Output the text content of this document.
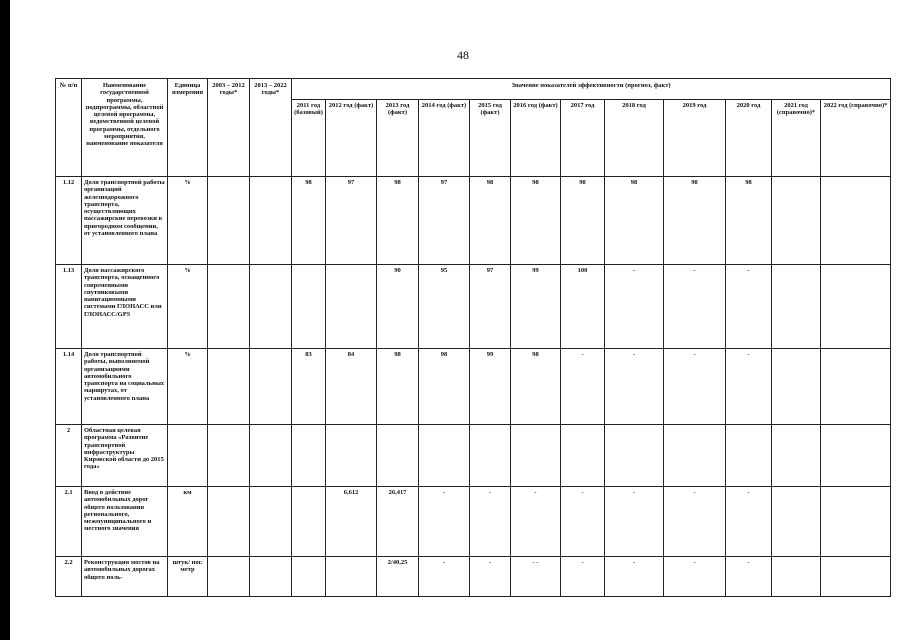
48
№ п/п	Наименование государственной программы, подпрограммы, областной целевой программы, ведомственной целевой программы, отдельного мероприятия, наименование показателя	Единица измерения	2003 – 2012 годы*	2013 – 2022 годы*	Значение показателей эффективности (прогноз, факт)											
					2011 год (базовый)	2012 год (факт)	2013 год (факт)	2014 год (факт)	2015 год (факт)	2016 год (факт)	2017 год	2018 год	2019 год	2020 год	2021 год (справочно)*	2022 год (справочно)*
1.12	Доля транспортной работы организаций железнодорожного транспорта, осуществляющих пассажирские перевозки в пригородном сообщении, от установленного плана	%			98	97	98	97	98	98	98	98	98	98		
1.13	Доля пассажирского транспорта, оснащенного современными спутниковыми навигационными системами ГЛОНАСС или ГЛОНАСС/GPS	%					90	95	97	99	100	-	-	-		
1.14	Доля транспортной работы, выполняемой организациями автомобильного транспорта на социальных маршрутах, от установленного плана	%			83	84	98	98	99	98	-	-	-	-		
2	Областная целевая программа «Развитие транспортной инфраструктуры Кировской области до 2015 года»															
2.1	Ввод в действие автомобильных дорог общего пользования регионального, межмуниципального и местного значения	км				6,612	26,417	-	-	-	-	-	-	-		
2.2	Реконструкция мостов на автомобильных дорогах общего поль-	штук/ пог. метр					2/40,25	-	-	- -	-	-	-	-		
